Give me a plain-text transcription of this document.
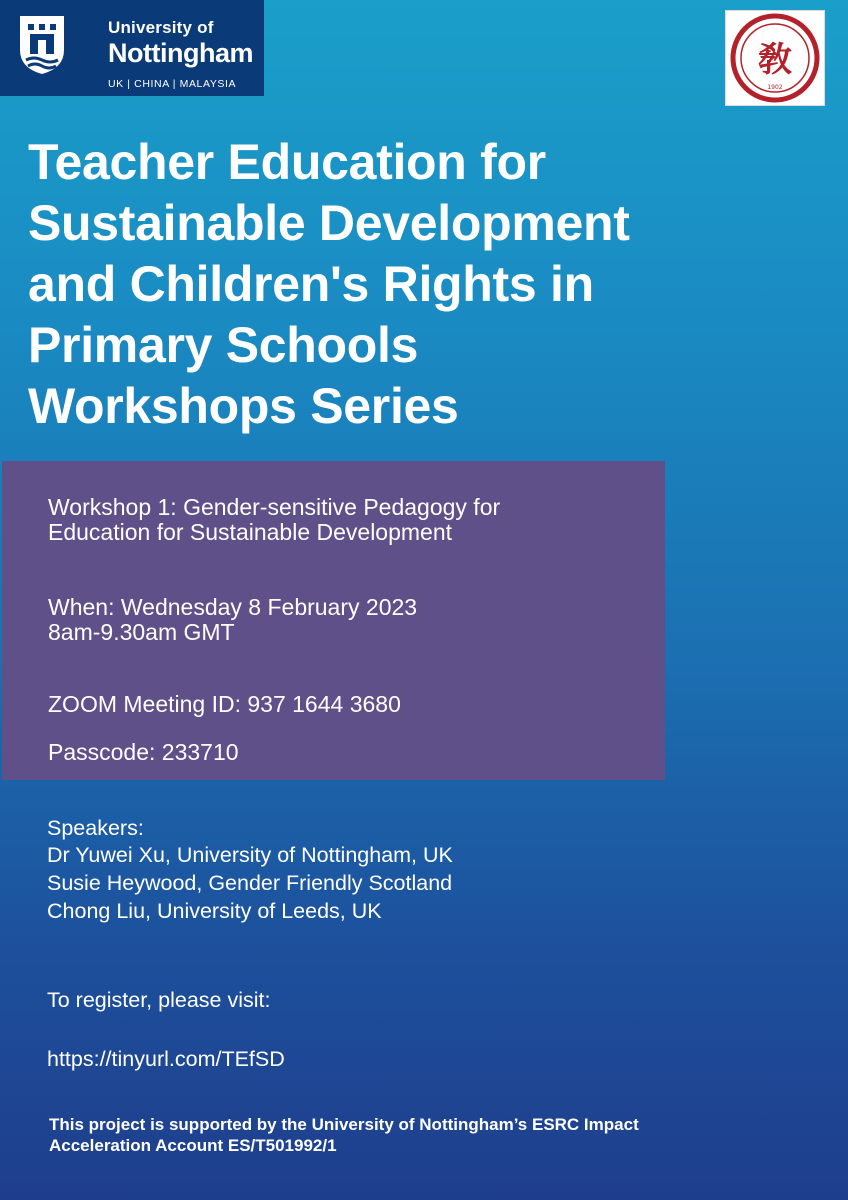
University of
Nottingham
UK | CHINA | MALAYSIA
敎
1902
Teacher Education for
Sustainable Development
and Children's Rights in
Primary Schools
Workshops Series
Workshop 1: Gender-sensitive Pedagogy for
Education for Sustainable Development
When: Wednesday 8 February 2023
8am-9.30am GMT
ZOOM Meeting ID: 937 1644 3680
Passcode: 233710
Speakers:
Dr Yuwei Xu, University of Nottingham, UK
Susie Heywood, Gender Friendly Scotland
Chong Liu, University of Leeds, UK
To register, please visit:
https://tinyurl.com/TEfSD
This project is supported by the University of Nottingham’s ESRC Impact
Acceleration Account ES/T501992/1
